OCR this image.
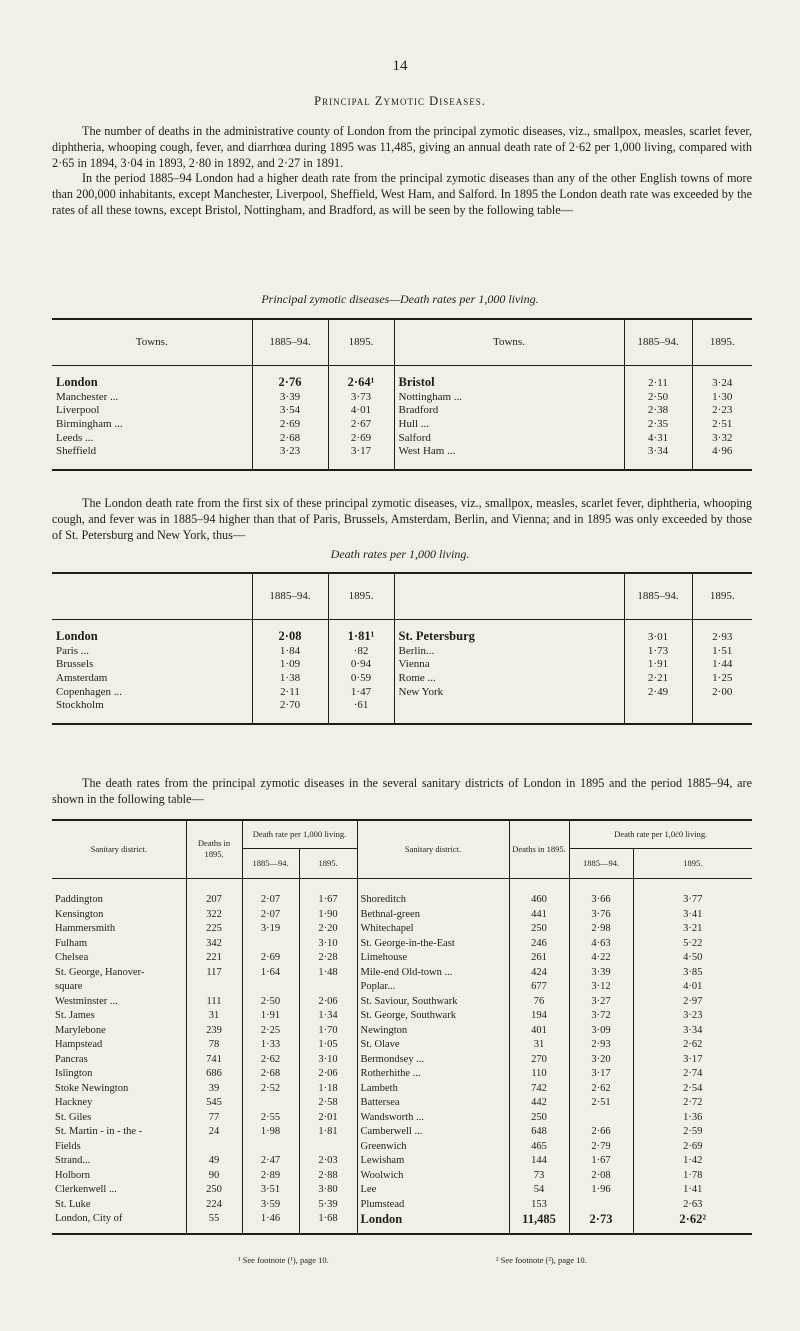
14
Principal Zymotic Diseases.

The number of deaths in the administrative county of London from the principal zymotic diseases, viz., smallpox, measles, scarlet fever, diphtheria, whooping cough, fever, and diarrhœa during 1895 was 11,485, giving an annual death rate of 2·62 per 1,000 living, compared with 2·65 in 1894, 3·04 in 1893, 2·80 in 1892, and 2·27 in 1891.

In the period 1885–94 London had a higher death rate from the principal zymotic diseases than any of the other English towns of more than 200,000 inhabitants, except Manchester, Liverpool, Sheffield, West Ham, and Salford. In 1895 the London death rate was exceeded by the rates of all these towns, except Bristol, Nottingham, and Bradford, as will be seen by the following table—

Principal zymotic diseases—Death rates per 1,000 living.
Towns.	1885–94.	1895.	Towns.	1885–94.	1895.

London	2·76	2·64¹	Bristol	2·11	3·24
Manchester ...	3·39	3·73	Nottingham ...	2·50	1·30
Liverpool	3·54	4·01	Bradford	2·38	2·23
Birmingham ...	2·69	2·67	Hull ...	2·35	2·51
Leeds ...	2·68	2·69	Salford	4·31	3·32
Sheffield	3·23	3·17	West Ham ...	3·34	4·96

The London death rate from the first six of these principal zymotic diseases, viz., smallpox, measles, scarlet fever, diphtheria, whooping cough, and fever was in 1885–94 higher than that of Paris, Brussels, Amsterdam, Berlin, and Vienna; and in 1895 was only exceeded by those of St. Petersburg and New York, thus—

Death rates per 1,000 living.
	1885–94.	1895.		1885–94.	1895.

London	2·08	1·81¹	St. Petersburg	3·01	2·93
Paris ...	1·84	·82	Berlin...	1·73	1·51
Brussels	1·09	0·94	Vienna	1·91	1·44
Amsterdam	1·38	0·59	Rome ...	2·21	1·25
Copenhagen ...	2·11	1·47	New York	2·49	2·00
Stockholm	2·70	·61			

The death rates from the principal zymotic diseases in the several sanitary districts of London in 1895 and the period 1885–94, are shown in the following table—

Sanitary district.	Deaths in 1895.	Death rate per 1,000 living.		Sanitary district.	Deaths in 1895.	Death rate per 1,0ċ0 living.	
		1885—94.	1895.			1885—94.	1895.

Paddington	207	2·07	1·67	Shoreditch	460	3·66	3·77
Kensington	322	2·07	1·90	Bethnal-green	441	3·76	3·41
Hammersmith	225	3·19	2·20	Whitechapel	250	2·98	3·21
Fulham	342		3·10	St. George-in-the-East	246	4·63	5·22
Chelsea	221	2·69	2·28	Limehouse	261	4·22	4·50
St. George, Hanover-	117	1·64	1·48	Mile-end Old-town ...	424	3·39	3·85
square				Poplar...	677	3·12	4·01
Westminster ...	111	2·50	2·06	St. Saviour, Southwark	76	3·27	2·97
St. James	31	1·91	1·34	St. George, Southwark	194	3·72	3·23
Marylebone	239	2·25	1·70	Newington	401	3·09	3·34
Hampstead	78	1·33	1·05	St. Olave	31	2·93	2·62
Pancras	741	2·62	3·10	Bermondsey ...	270	3·20	3·17
Islington	686	2·68	2·06	Rotherhithe ...	110	3·17	2·74
Stoke Newington	39	2·52	1·18	Lambeth	742	2·62	2·54
Hackney	545		2·58	Battersea	442	2·51	2·72
St. Giles	77	2·55	2·01	Wandsworth ...	250		1·36
St. Martin - in - the -	24	1·98	1·81	Camberwell ...	648	2·66	2·59
Fields				Greenwich	465	2·79	2·69
Strand...	49	2·47	2·03	Lewisham	144	1·67	1·42
Holborn	90	2·89	2·88	Woolwich	73	2·08	1·78
Clerkenwell ...	250	3·51	3·80	Lee	54	1·96	1·41
St. Luke	224	3·59	5·39	Plumstead	153		2·63
London, City of	55	1·46	1·68	London	11,485	2·73	2·62²

¹ See footnote (¹), page 10.	² See footnote (²), page 10.
